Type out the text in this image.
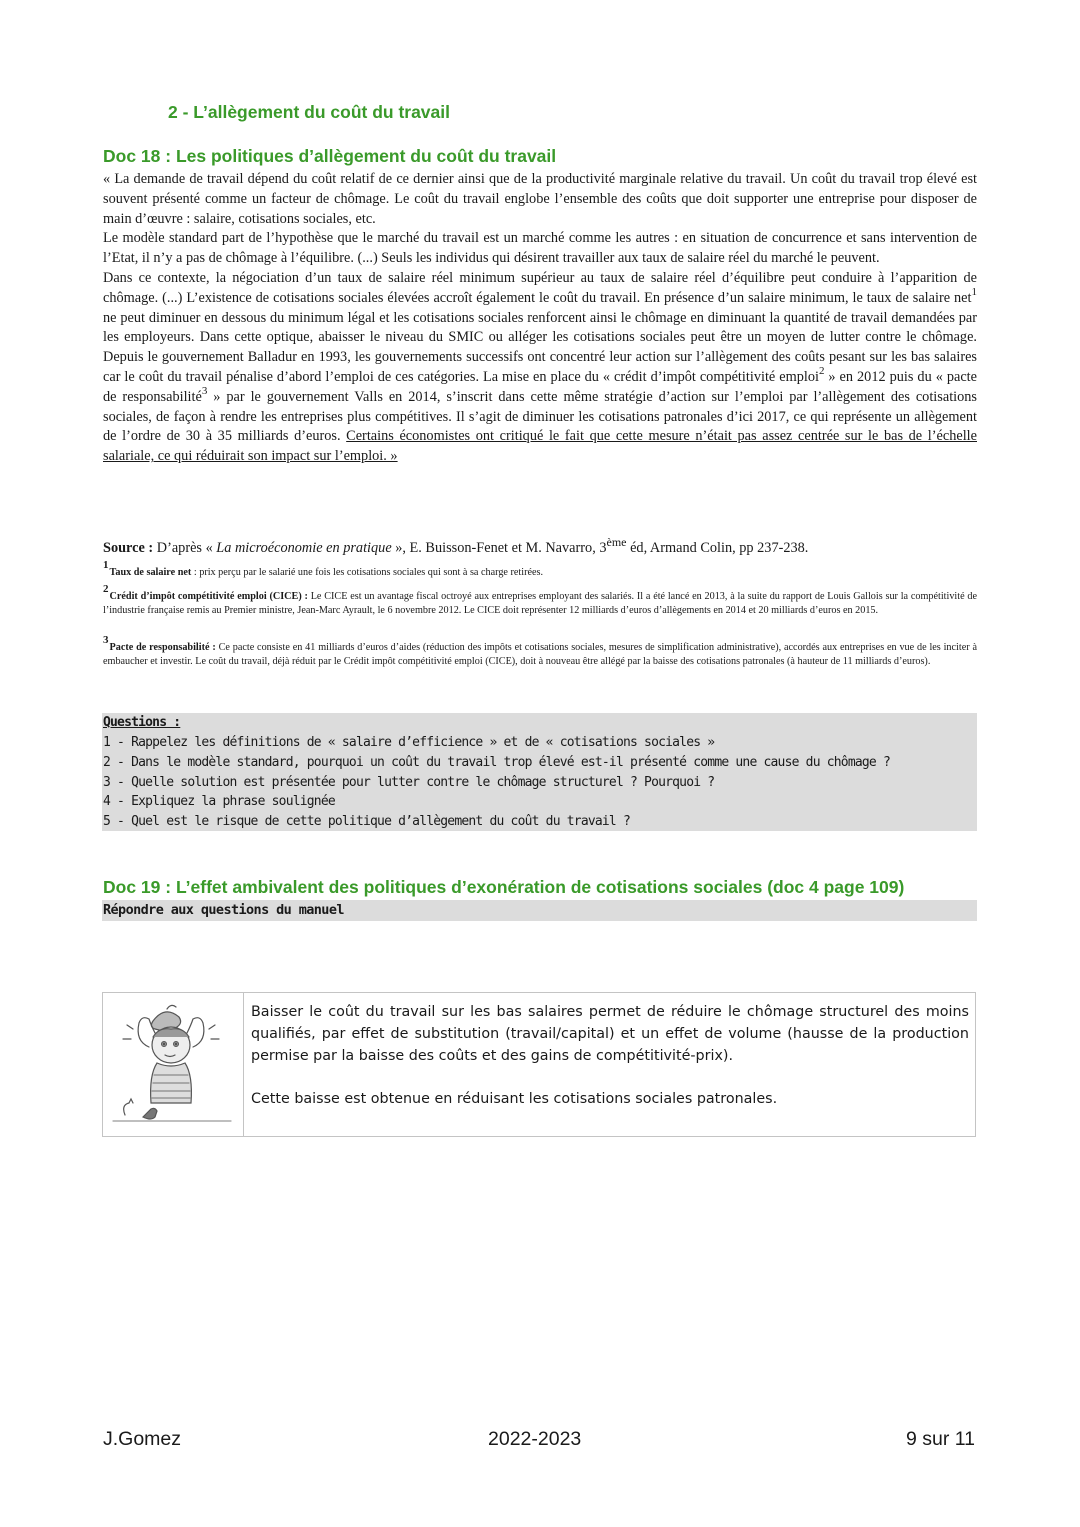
2 - L’allègement du coût du travail
Doc 18 : Les politiques d’allègement du coût du travail

« La demande de travail dépend du coût relatif de ce dernier ainsi que de la productivité marginale relative du travail. Un coût du travail trop élevé est souvent présenté comme un facteur de chômage. Le coût du travail englobe l’ensemble des coûts que doit supporter une entreprise pour disposer de main d’œuvre : salaire, cotisations sociales, etc.

Le modèle standard part de l’hypothèse que le marché du travail est un marché comme les autres : en situation de concurrence et sans intervention de l’Etat, il n’y a pas de chômage à l’équilibre. (...) Seuls les individus qui désirent travailler aux taux de salaire réel du marché le peuvent.

Dans ce contexte, la négociation d’un taux de salaire réel minimum supérieur au taux de salaire réel d’équilibre peut conduire à l’apparition de chômage. (...) L’existence de cotisations sociales élevées accroît également le coût du travail. En présence d’un salaire minimum, le taux de salaire net$^1$ ne peut diminuer en dessous du minimum légal et les cotisations sociales renforcent ainsi le chômage en diminuant la quantité de travail demandées par les employeurs. Dans cette optique, abaisser le niveau du SMIC ou alléger les cotisations sociales peut être un moyen de lutter contre le chômage. Depuis le gouvernement Balladur en 1993, les gouvernements successifs ont concentré leur action sur l’allègement des coûts pesant sur les bas salaires car le coût du travail pénalise d’abord l’emploi de ces catégories. La mise en place du « crédit d’impôt compétitivité emploi$^2$ » en 2012 puis du « pacte de responsabilité$^3$ » par le gouvernement Valls en 2014, s’inscrit dans cette même stratégie d’action sur l’emploi par l’allègement des cotisations sociales, de façon à rendre les entreprises plus compétitives. Il s’agit de diminuer les cotisations patronales d’ici 2017, ce qui représente un allègement de l’ordre de 30 à 35 milliards d’euros. Certains économistes ont critiqué le fait que cette mesure n’était pas assez centrée sur le bas de l’échelle salariale, ce qui réduirait son impact sur l’emploi. »

Source : D’après « La microéconomie en pratique », E. Buisson-Fenet et M. Navarro, 3ème éd, Armand Colin, pp 237-238.
1Taux de salaire net : prix perçu par le salarié une fois les cotisations sociales qui sont à sa charge retirées.
2Crédit d’impôt compétitivité emploi (CICE) : Le CICE est un avantage fiscal octroyé aux entreprises employant des salariés. Il a été lancé en 2013, à la suite du rapport de Louis Gallois sur la compétitivité de l’industrie française remis au Premier ministre, Jean-Marc Ayrault, le 6 novembre 2012. Le CICE doit représenter 12 milliards d’euros d’allègements en 2014 et 20 milliards d’euros en 2015.
3Pacte de responsabilité : Ce pacte consiste en 41 milliards d’euros d’aides (réduction des impôts et cotisations sociales, mesures de simplification administrative), accordés aux entreprises en vue de les inciter à embaucher et investir. Le coût du travail, déjà réduit par le Crédit impôt compétitivité emploi (CICE), doit à nouveau être allégé par la baisse des cotisations patronales (à hauteur de 11 milliards d’euros).
Questions :
1 - Rappelez les définitions de « salaire d’efficience » et de « cotisations sociales »
2 - Dans le modèle standard, pourquoi un coût du travail trop élevé est-il présenté comme une cause du chômage ?
3 - Quelle solution est présentée pour lutter contre le chômage structurel ? Pourquoi ?
4 - Expliquez la phrase soulignée
5 - Quel est le risque de cette politique d’allègement du coût du travail ?
Doc 19 : L’effet ambivalent des politiques d’exonération de cotisations sociales (doc 4 page 109)
Répondre aux questions du manuel

Baisser le coût du travail sur les bas salaires permet de réduire le chômage structurel des moins qualifiés, par effet de substitution (travail/capital) et un effet de volume (hausse de la production permise par la baisse des coûts et des gains de compétitivité-prix).

Cette baisse est obtenue en réduisant les cotisations sociales patronales.

J.Gomez	2022-2023	9 sur 11
